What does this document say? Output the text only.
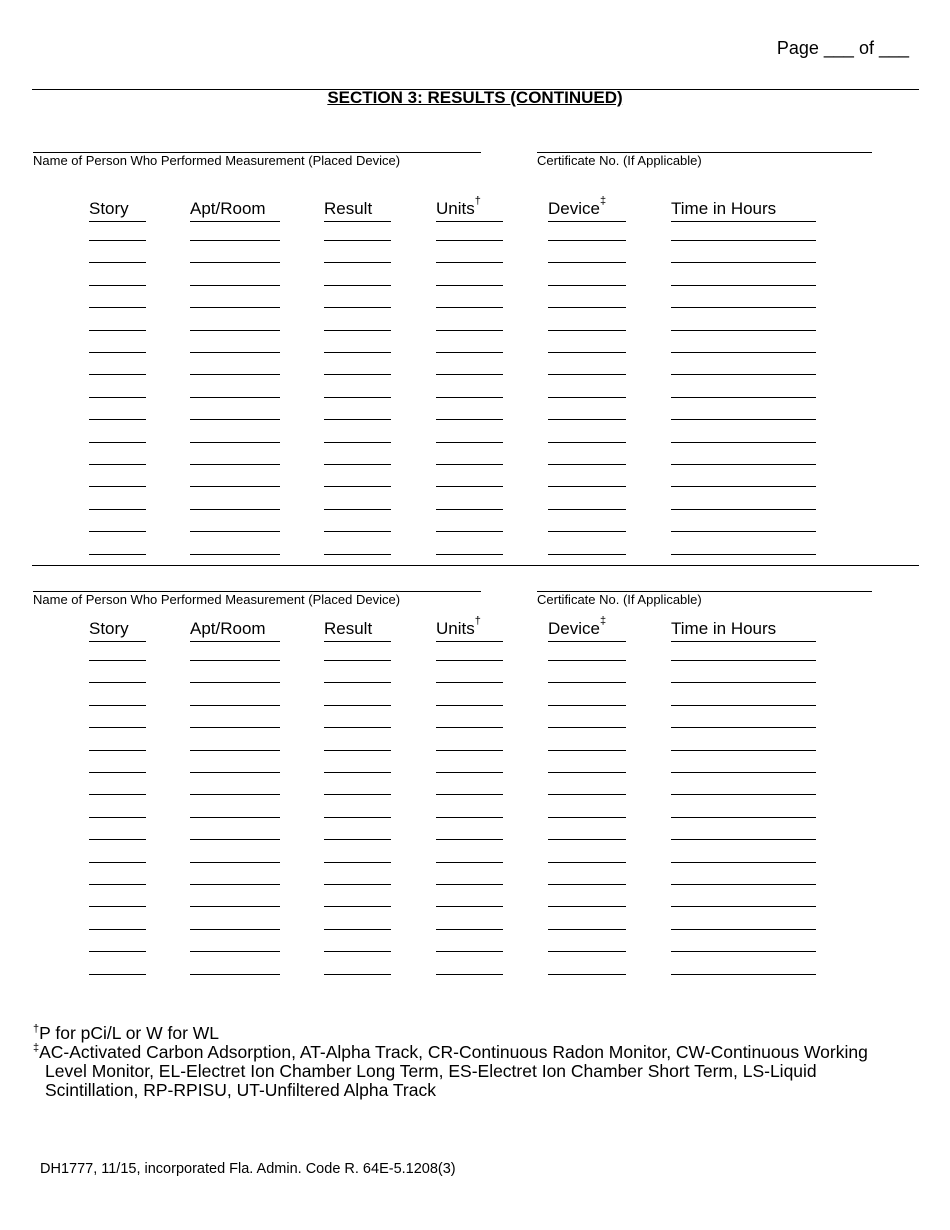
Page ___ of ___
SECTION 3: RESULTS (CONTINUED)
Name of Person Who Performed Measurement (Placed Device)	Certificate No. (If Applicable)
Story	Apt/Room	Result	Units†	Device‡	Time in Hours
Name of Person Who Performed Measurement (Placed Device)	Certificate No. (If Applicable)
Story	Apt/Room	Result	Units†	Device‡	Time in Hours

†P for pCi/L or W for WL

‡AC-Activated Carbon Adsorption, AT-Alpha Track, CR-Continuous Radon Monitor, CW-Continuous Working Level Monitor, EL-Electret Ion Chamber Long Term, ES-Electret Ion Chamber Short Term, LS-Liquid Scintillation, RP-RPISU, UT-Unfiltered Alpha Track

DH1777, 11/15, incorporated Fla. Admin. Code R. 64E-5.1208(3)
